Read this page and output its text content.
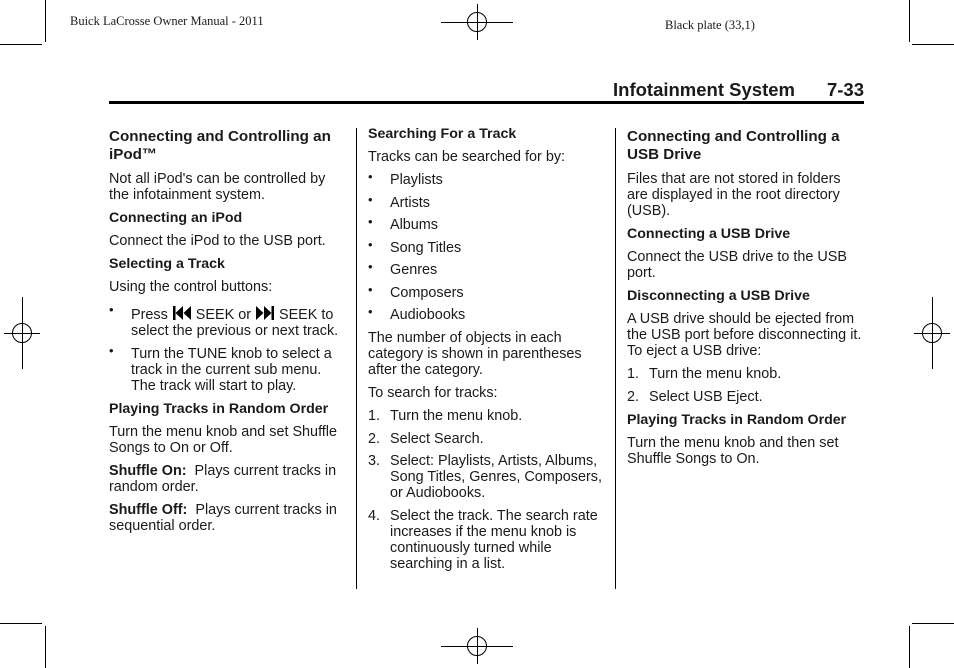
Buick LaCrosse Owner Manual - 2011	Black plate (33,1)
Infotainment System 7-33
Connecting and Controlling an iPod™

Not all iPod's can be controlled by the infotainment system.

Connecting an iPod

Connect the iPod to the USB port.

Selecting a Track

Using the control buttons:

• Press SEEK or SEEK to select the previous or next track.
• Turn the TUNE knob to select a track in the current sub menu. The track will start to play.
Playing Tracks in Random Order

Turn the menu knob and set Shuffle Songs to On or Off.

Shuffle On: Plays current tracks in random order.

Shuffle Off: Plays current tracks in sequential order.

Searching For a Track

Tracks can be searched for by:

• Playlists
• Artists
• Albums
• Song Titles
• Genres
• Composers
• Audiobooks

The number of objects in each category is shown in parentheses after the category.

To search for tracks:

1. Turn the menu knob.
2. Select Search.
3. Select: Playlists, Artists, Albums, Song Titles, Genres, Composers, or Audiobooks.
4. Select the track. The search rate increases if the menu knob is continuously turned while searching in a list.
Connecting and Controlling a USB Drive

Files that are not stored in folders are displayed in the root directory (USB).

Connecting a USB Drive

Connect the USB drive to the USB port.

Disconnecting a USB Drive

A USB drive should be ejected from the USB port before disconnecting it. To eject a USB drive:

1. Turn the menu knob.
2. Select USB Eject.
Playing Tracks in Random Order

Turn the menu knob and then set Shuffle Songs to On.
